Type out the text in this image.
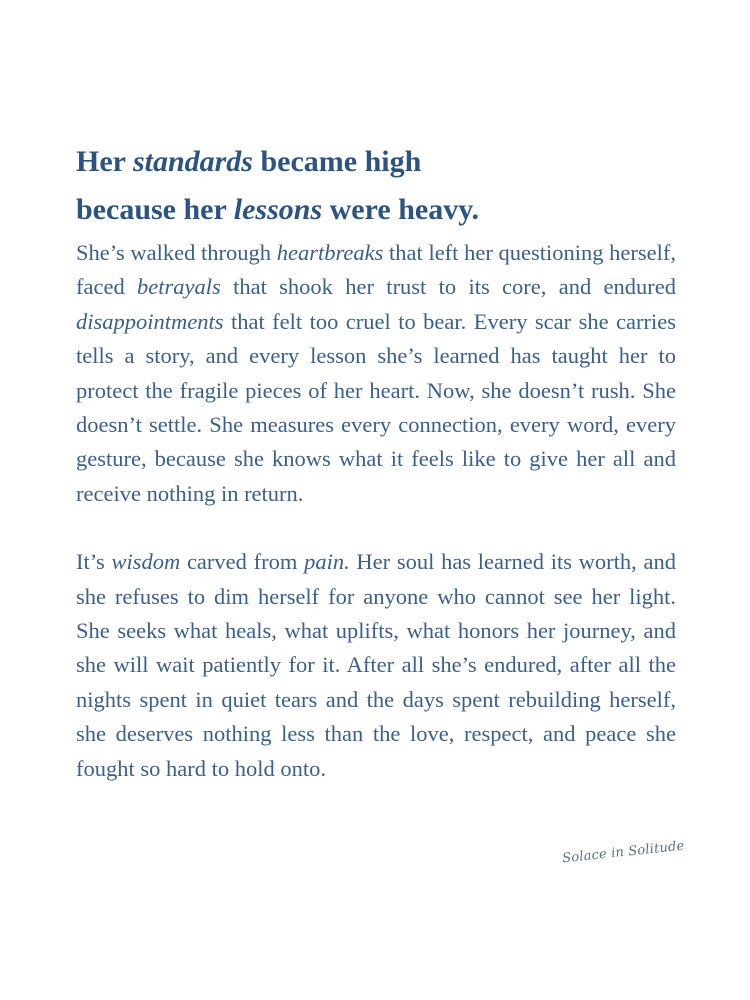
Her standards became high
because her lessons were heavy.

She’s walked through heartbreaks that left her questioning herself, faced betrayals that shook her trust to its core, and endured disappointments that felt too cruel to bear. Every scar she carries tells a story, and every lesson she’s learned has taught her to protect the fragile pieces of her heart. Now, she doesn’t rush. She doesn’t settle. She measures every connection, every word, every gesture, because she knows what it feels like to give her all and receive nothing in return.

It’s wisdom carved from pain. Her soul has learned its worth, and she refuses to dim herself for anyone who cannot see her light. She seeks what heals, what uplifts, what honors her journey, and she will wait patiently for it. After all she’s endured, after all the nights spent in quiet tears and the days spent rebuilding herself, she deserves nothing less than the love, respect, and peace she fought so hard to hold onto.

Solace in Solitude
